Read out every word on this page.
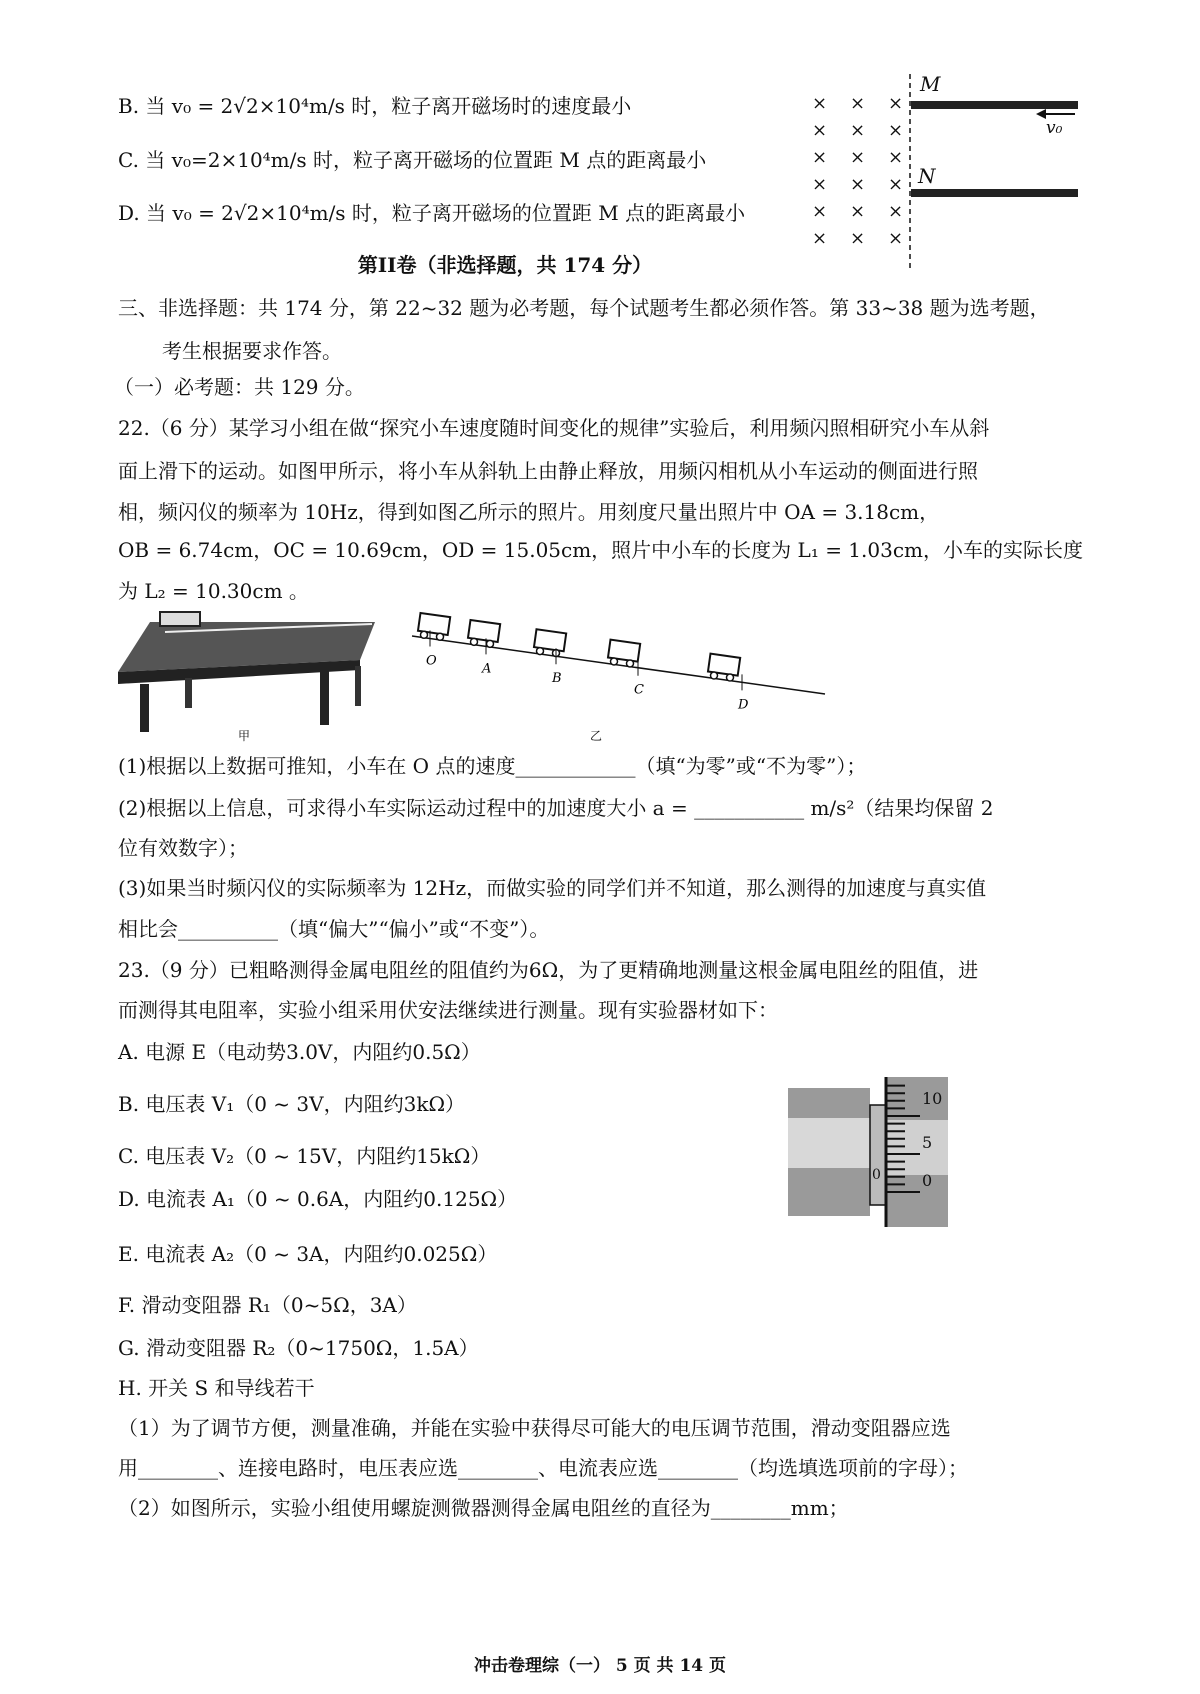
B. 当 v₀ = 2√2×10⁴m/s 时，粒子离开磁场时的速度最小
C. 当 v₀=2×10⁴m/s 时，粒子离开磁场的位置距 M 点的距离最小
D. 当 v₀ = 2√2×10⁴m/s 时，粒子离开磁场的位置距 M 点的距离最小
× × ×
× × ×
× × ×
× × ×
× × ×
× × ×
M
N
v₀
第II卷（非选择题，共 174 分）
三、非选择题：共 174 分，第 22~32 题为必考题，每个试题考生都必须作答。第 33~38 题为选考题，
考生根据要求作答。
（一）必考题：共 129 分。
22.（6 分）某学习小组在做“探究小车速度随时间变化的规律”实验后，利用频闪照相研究小车从斜
面上滑下的运动。如图甲所示，将小车从斜轨上由静止释放，用频闪相机从小车运动的侧面进行照
相，频闪仪的频率为 10Hz，得到如图乙所示的照片。用刻度尺量出照片中 OA = 3.18cm，
OB = 6.74cm，OC = 10.69cm，OD = 15.05cm，照片中小车的长度为 L₁ = 1.03cm，小车的实际长度
为 L₂ = 10.30cm 。
甲
O
A
B
C
D
乙
(1)根据以上数据可推知，小车在 O 点的速度____________（填“为零”或“不为零”）；
(2)根据以上信息，可求得小车实际运动过程中的加速度大小 a = ___________ m/s²（结果均保留 2
位有效数字）；
(3)如果当时频闪仪的实际频率为 12Hz，而做实验的同学们并不知道，那么测得的加速度与真实值
相比会__________（填“偏大”“偏小”或“不变”）。
23.（9 分）已粗略测得金属电阻丝的阻值约为6Ω，为了更精确地测量这根金属电阻丝的阻值，进
而测得其电阻率，实验小组采用伏安法继续进行测量。现有实验器材如下：
A. 电源 E（电动势3.0V，内阻约0.5Ω）
B. 电压表 V₁（0 ~ 3V，内阻约3kΩ）
C. 电压表 V₂（0 ~ 15V，内阻约15kΩ）
D. 电流表 A₁（0 ~ 0.6A，内阻约0.125Ω）
E. 电流表 A₂（0 ~ 3A，内阻约0.025Ω）
F. 滑动变阻器 R₁（0~5Ω，3A）
G. 滑动变阻器 R₂（0~1750Ω，1.5A）
H. 开关 S 和导线若干
（1）为了调节方便，测量准确，并能在实验中获得尽可能大的电压调节范围，滑动变阻器应选
用________、连接电路时，电压表应选________、电流表应选________（均选填选项前的字母）；
（2）如图所示，实验小组使用螺旋测微器测得金属电阻丝的直径为________mm；
0
10
5
0
冲击卷理综（一） 5 页 共 14 页
